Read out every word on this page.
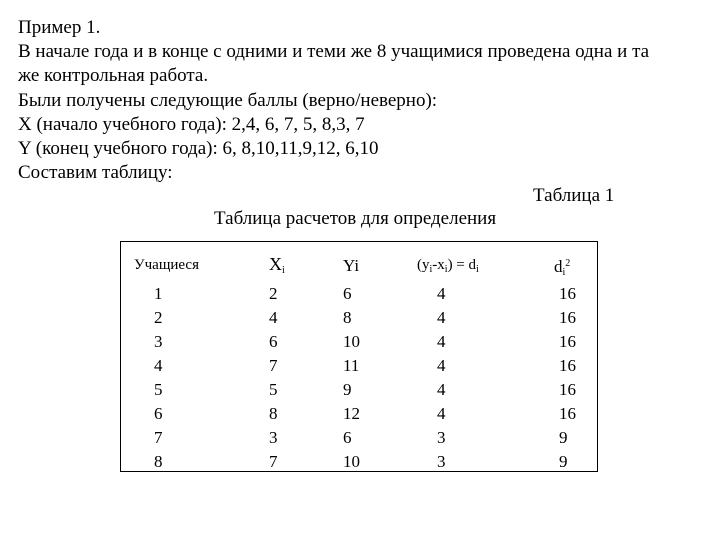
Пример 1.
В начале года и в конце с одними и теми же 8 учащимися проведена одна и та
же контрольная работа.
Были получены следующие баллы (верно/неверно):
X (начало учебного года): 2,4, 6, 7, 5, 8,3, 7
Y (конец учебного года): 6, 8,10,11,9,12, 6,10
Составим таблицу:
Таблица 1
Таблица расчетов для определения
Учащиеся	$X_i$	Yi	$(y_i-x_i) = d_i$	$d_i^2$
1	2	6	4	16
2	4	8	4	16
3	6	10	4	16
4	7	11	4	16
5	5	9	4	16
6	8	12	4	16
7	3	6	3	9
8	7	10	3	9
